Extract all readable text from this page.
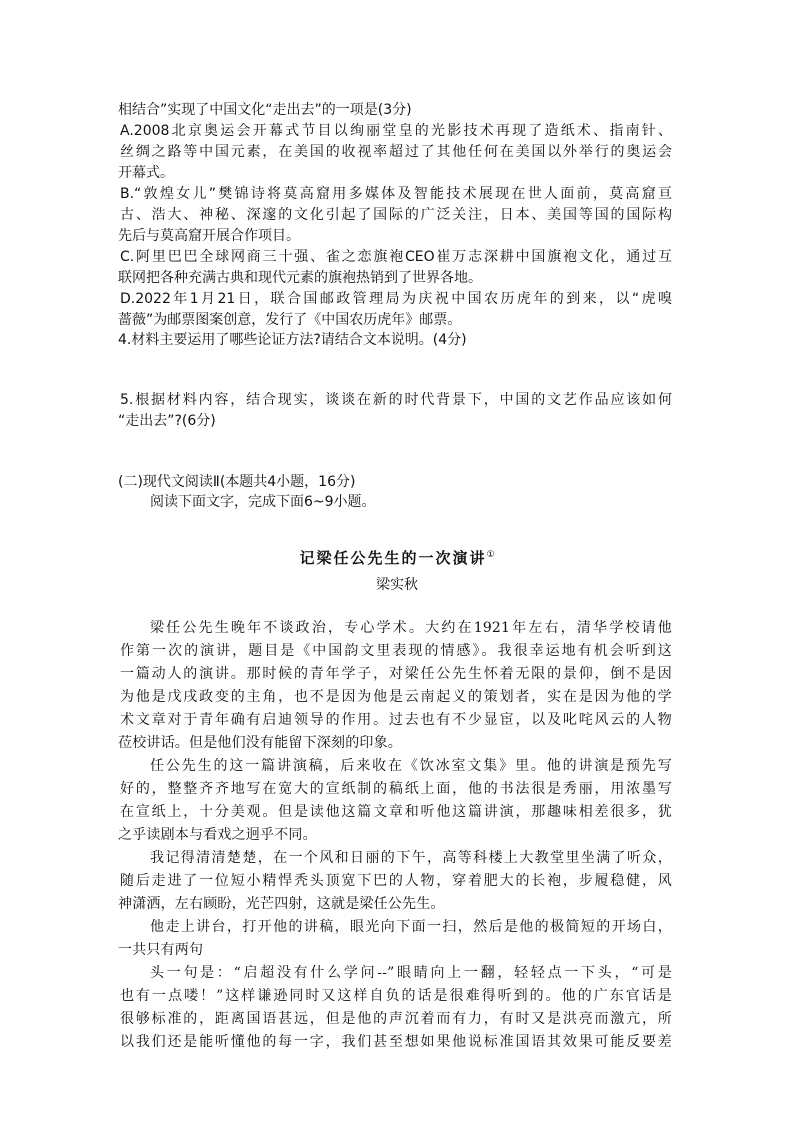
相结合”实现了中国文化“走出去”的一项是(3分)
A.2008北京奥运会开幕式节目以绚丽堂皇的光影技术再现了造纸术、指南针、
丝绸之路等中国元素，在美国的收视率超过了其他任何在美国以外举行的奥运会
开幕式。
B.“敦煌女儿”樊锦诗将莫高窟用多媒体及智能技术展现在世人面前，莫高窟亘
古、浩大、神秘、深邃的文化引起了国际的广泛关注，日本、美国等国的国际构
先后与莫高窟开展合作项目。
C.阿里巴巴全球网商三十强、雀之恋旗袍CEO崔万志深耕中国旗袍文化，通过互
联网把各种充满古典和现代元素的旗袍热销到了世界各地。
D.2022年1月21日，联合国邮政管理局为庆祝中国农历虎年的到来，以“虎嗅
蔷薇”为邮票图案创意，发行了《中国农历虎年》邮票。
4.材料主要运用了哪些论证方法?请结合文本说明。(4分)
5.根据材料内容，结合现实，谈谈在新的时代背景下，中国的文艺作品应该如何
“走出去”?(6分)
(二)现代文阅读Ⅱ(本题共4小题，16分)
阅读下面文字，完成下面6~9小题。
记梁任公先生的一次演讲①
梁实秋
梁任公先生晚年不谈政治，专心学术。大约在1921年左右，清华学校请他
作第一次的演讲，题目是《中国韵文里表现的情感》。我很幸运地有机会听到这
一篇动人的演讲。那时候的青年学子，对梁任公先生怀着无限的景仰，倒不是因
为他是戊戌政变的主角，也不是因为他是云南起义的策划者，实在是因为他的学
术文章对于青年确有启迪领导的作用。过去也有不少显宦，以及叱咤风云的人物
莅校讲话。但是他们没有能留下深刻的印象。
任公先生的这一篇讲演稿，后来收在《饮冰室文集》里。他的讲演是预先写
好的，整整齐齐地写在宽大的宣纸制的稿纸上面，他的书法很是秀丽，用浓墨写
在宣纸上，十分美观。但是读他这篇文章和听他这篇讲演，那趣味相差很多，犹
之乎读剧本与看戏之迥乎不同。
我记得清清楚楚，在一个风和日丽的下午，高等科楼上大教堂里坐满了听众，
随后走进了一位短小精悍秃头顶宽下巴的人物，穿着肥大的长袍，步履稳健，风
神潇洒，左右顾盼，光芒四射，这就是梁任公先生。
他走上讲台，打开他的讲稿，眼光向下面一扫，然后是他的极简短的开场白，
一共只有两句
头一句是：“启超没有什么学问--”眼睛向上一翻，轻轻点一下头，“可是
也有一点喽！”这样谦逊同时又这样自负的话是很难得听到的。他的广东官话是
很够标准的，距离国语甚远，但是他的声沉着而有力，有时又是洪亮而激亢，所
以我们还是能听懂他的每一字，我们甚至想如果他说标准国语其效果可能反要差
